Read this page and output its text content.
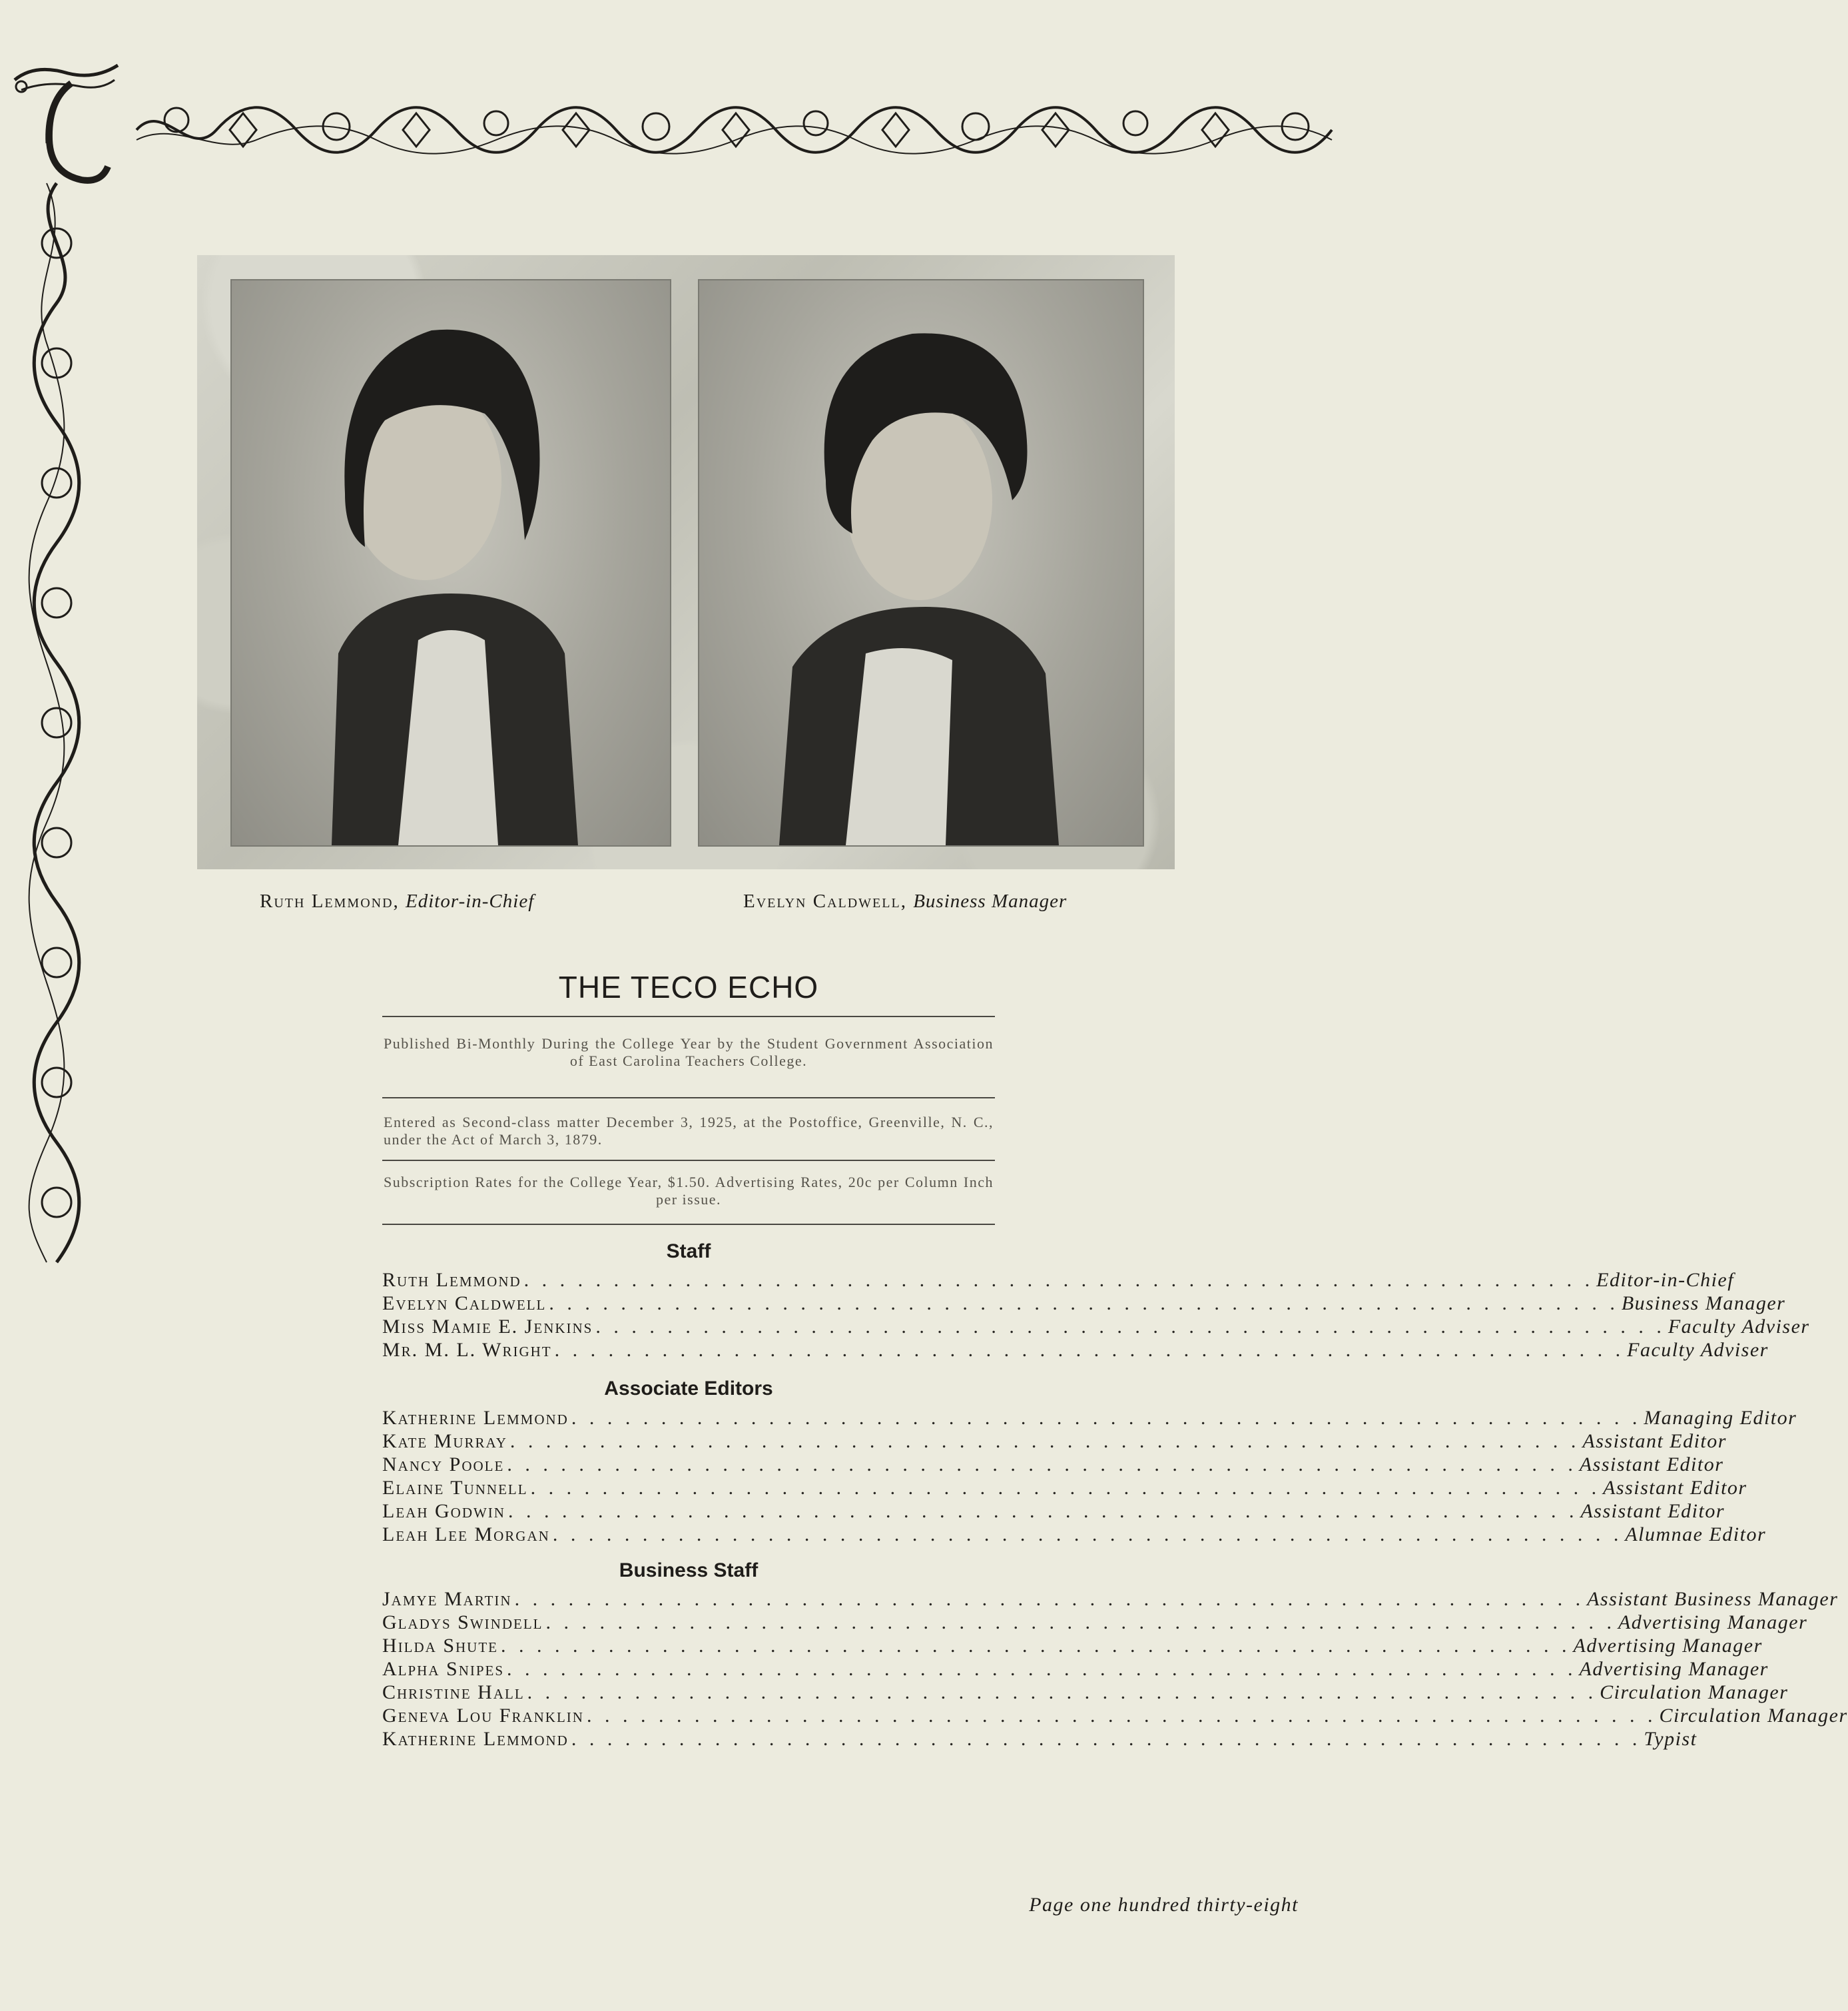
Ruth Lemmond, Editor-in-Chief	Evelyn Caldwell, Business Manager
THE TECO ECHO
Published Bi-Monthly During the College Year by the Student Government Association of East Carolina Teachers College.
Entered as Second-class matter December 3, 1925, at the Postoffice, Greenville, N. C., under the Act of March 3, 1879.
Subscription Rates for the College Year, $1.50. Advertising Rates, 20c per Column Inch per issue.
Staff
Ruth Lemmond . . . . . . . . . . . . . . . . . . . . . . . . . . . . . . . . . . . . . . . . . . . . . . . . . . . . . . . . . . . . Editor-in-Chief
Evelyn Caldwell . . . . . . . . . . . . . . . . . . . . . . . . . . . . . . . . . . . . . . . . . . . . . . . . . . . . . . . . . . . . Business Manager
Miss Mamie E. Jenkins . . . . . . . . . . . . . . . . . . . . . . . . . . . . . . . . . . . . . . . . . . . . . . . . . . . . . . . . . . . . Faculty Adviser
Mr. M. L. Wright . . . . . . . . . . . . . . . . . . . . . . . . . . . . . . . . . . . . . . . . . . . . . . . . . . . . . . . . . . . . Faculty Adviser
Associate Editors
Katherine Lemmond . . . . . . . . . . . . . . . . . . . . . . . . . . . . . . . . . . . . . . . . . . . . . . . . . . . . . . . . . . . . Managing Editor
Kate Murray . . . . . . . . . . . . . . . . . . . . . . . . . . . . . . . . . . . . . . . . . . . . . . . . . . . . . . . . . . . . Assistant Editor
Nancy Poole . . . . . . . . . . . . . . . . . . . . . . . . . . . . . . . . . . . . . . . . . . . . . . . . . . . . . . . . . . . . Assistant Editor
Elaine Tunnell . . . . . . . . . . . . . . . . . . . . . . . . . . . . . . . . . . . . . . . . . . . . . . . . . . . . . . . . . . . . Assistant Editor
Leah Godwin . . . . . . . . . . . . . . . . . . . . . . . . . . . . . . . . . . . . . . . . . . . . . . . . . . . . . . . . . . . . Assistant Editor
Leah Lee Morgan . . . . . . . . . . . . . . . . . . . . . . . . . . . . . . . . . . . . . . . . . . . . . . . . . . . . . . . . . . . . Alumnae Editor
Business Staff
Jamye Martin . . . . . . . . . . . . . . . . . . . . . . . . . . . . . . . . . . . . . . . . . . . . . . . . . . . . . . . . . . . . Assistant Business Manager
Gladys Swindell . . . . . . . . . . . . . . . . . . . . . . . . . . . . . . . . . . . . . . . . . . . . . . . . . . . . . . . . . . . . Advertising Manager
Hilda Shute . . . . . . . . . . . . . . . . . . . . . . . . . . . . . . . . . . . . . . . . . . . . . . . . . . . . . . . . . . . . Advertising Manager
Alpha Snipes . . . . . . . . . . . . . . . . . . . . . . . . . . . . . . . . . . . . . . . . . . . . . . . . . . . . . . . . . . . . Advertising Manager
Christine Hall . . . . . . . . . . . . . . . . . . . . . . . . . . . . . . . . . . . . . . . . . . . . . . . . . . . . . . . . . . . . Circulation Manager
Geneva Lou Franklin . . . . . . . . . . . . . . . . . . . . . . . . . . . . . . . . . . . . . . . . . . . . . . . . . . . . . . . . . . . . Circulation Manager
Katherine Lemmond . . . . . . . . . . . . . . . . . . . . . . . . . . . . . . . . . . . . . . . . . . . . . . . . . . . . . . . . . . . . Typist
Page one hundred thirty-eight
